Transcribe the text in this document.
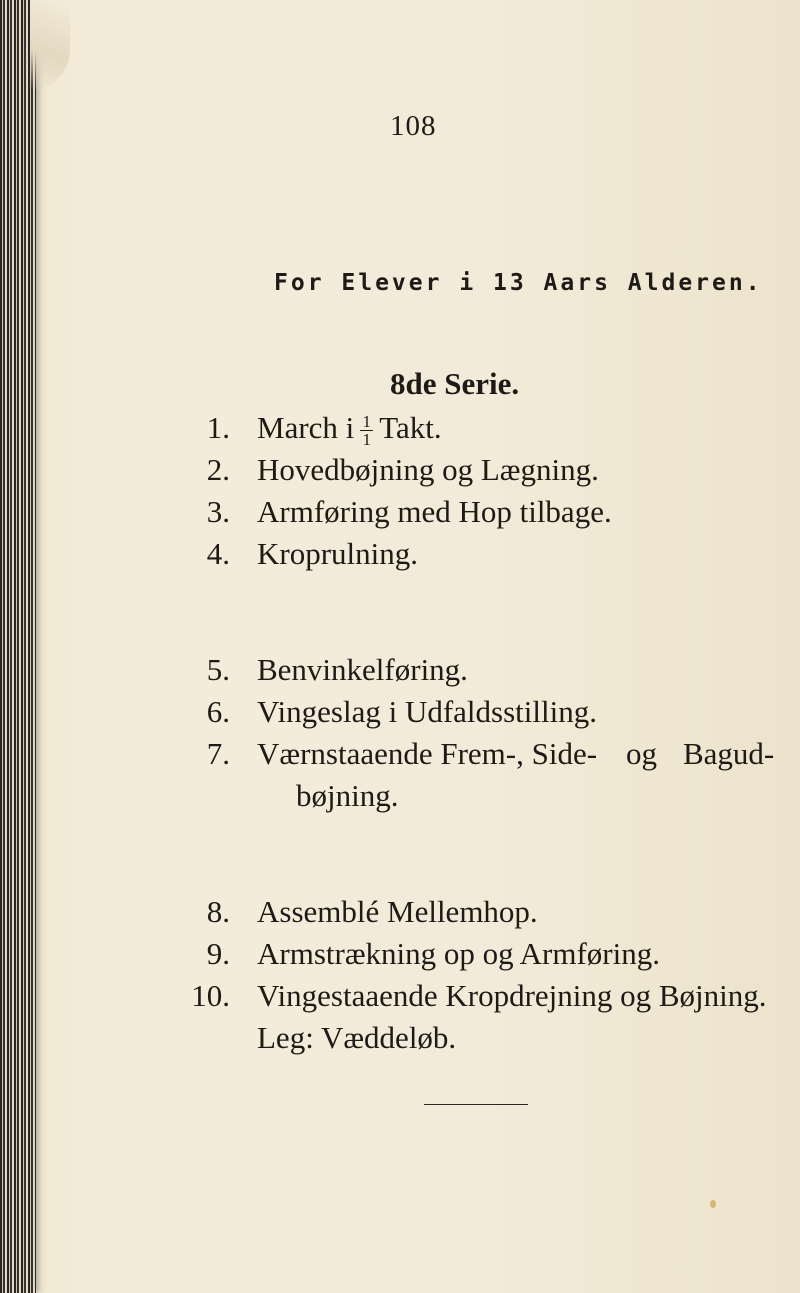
108
For Elever i 13 Aars Alderen.
8de Serie.
1. March i $\frac{1}{1}$ Takt.
2. Hovedbøjning og Lægning.
3. Armføring med Hop tilbage.
4. Kroprulning.
5. Benvinkelføring.
6. Vingeslag i Udfaldsstilling.
7. Værnstaaende Frem-, Side- og Bagud-
bøjning.
8. Assemblé Mellemhop.
9. Armstrækning op og Armføring.
10. Vingestaaende Kropdrejning og Bøjning.
Leg: Væddeløb.
